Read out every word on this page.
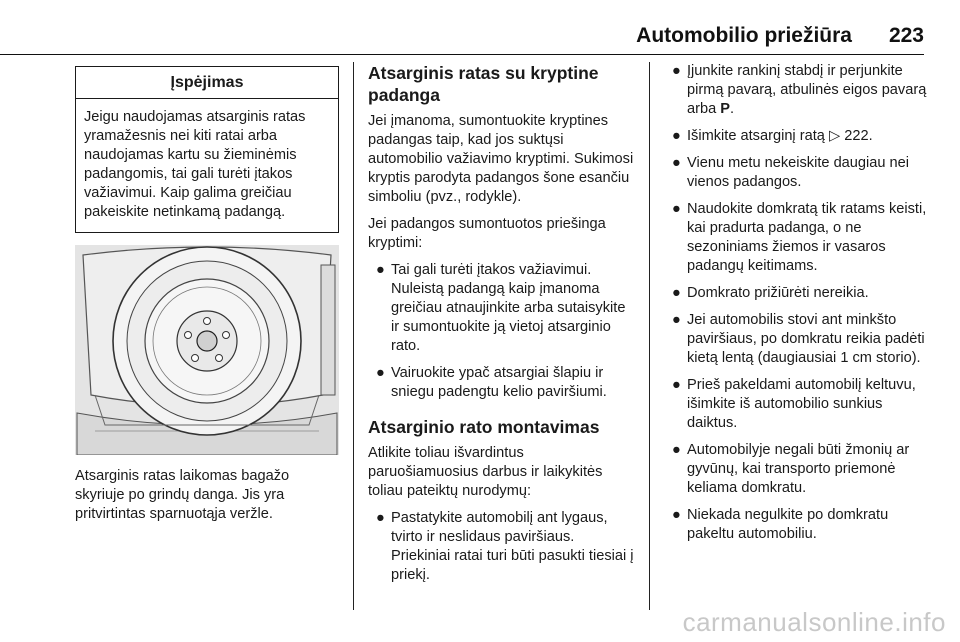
Automobilio priežiūra 223
Įspėjimas
Jeigu naudojamas atsarginis ratas yramažesnis nei kiti ratai arba naudojamas kartu su žieminėmis padangomis, tai gali turėti įtakos važiavimui. Kaip galima greičiau pakeiskite netinkamą padangą.
Atsarginis ratas laikomas bagažo skyriuje po grindų danga. Jis yra pritvirtintas sparnuotąja veržle.
Atsarginis ratas su kryptine padanga

Jei įmanoma, sumontuokite kryptines padangas taip, kad jos suktųsi automobilio važiavimo kryptimi. Sukimosi kryptis parodyta padangos šone esančiu simboliu (pvz., rodykle).

Jei padangos sumontuotos priešinga kryptimi:

● Tai gali turėti įtakos važiavimui. Nuleistą padangą kaip įmanoma greičiau atnaujinkite arba sutaisykite ir sumontuokite ją vietoj atsarginio rato.
● Vairuokite ypač atsargiai šlapiu ir sniegu padengtu kelio paviršiumi.
Atsarginio rato montavimas

Atlikite toliau išvardintus paruošiamuosius darbus ir laikykitės toliau pateiktų nurodymų:

● Pastatykite automobilį ant lygaus, tvirto ir neslidaus paviršiaus. Priekiniai ratai turi būti pasukti tiesiai į priekį.
● Įjunkite rankinį stabdį ir perjunkite pirmą pavarą, atbulinės eigos pavarą arba P.
● Išimkite atsarginį ratą ▷ 222.
● Vienu metu nekeiskite daugiau nei vienos padangos.
● Naudokite domkratą tik ratams keisti, kai pradurta padanga, o ne sezoniniams žiemos ir vasaros padangų keitimams.
● Domkrato prižiūrėti nereikia.
● Jei automobilis stovi ant minkšto paviršiaus, po domkratu reikia padėti kietą lentą (daugiausiai 1 cm storio).
● Prieš pakeldami automobilį keltuvu, išimkite iš automobilio sunkius daiktus.
● Automobilyje negali būti žmonių ar gyvūnų, kai transporto priemonė keliama domkratu.
● Niekada negulkite po domkratu pakeltu automobiliu.
carmanualsonline.info
